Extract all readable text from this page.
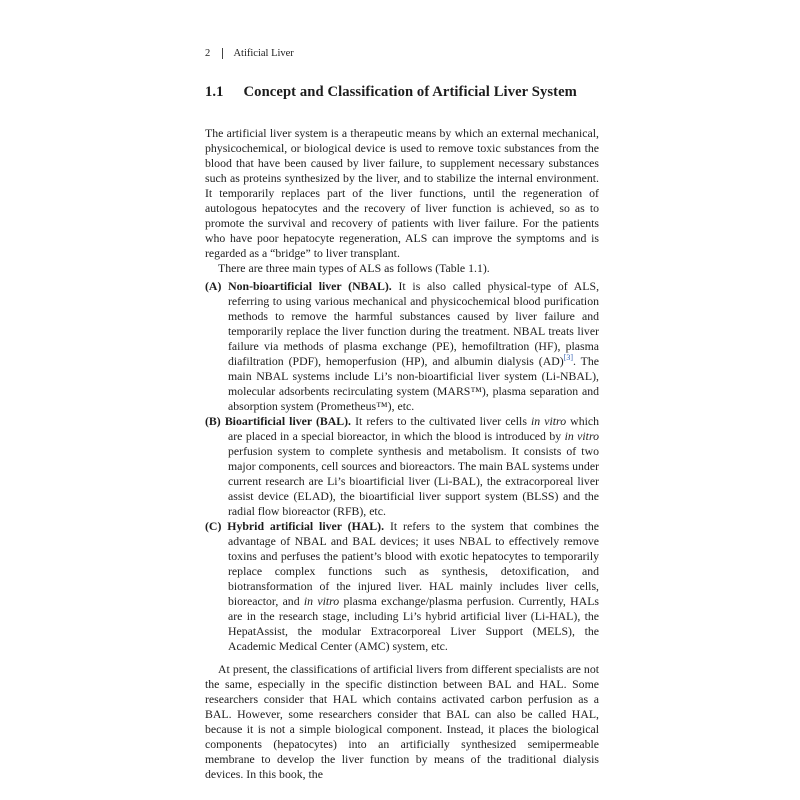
2 Atificial Liver
1.1 Concept and Classification of Artificial Liver System

The artificial liver system is a therapeutic means by which an external mechanical, physicochemical, or biological device is used to remove toxic substances from the blood that have been caused by liver failure, to supplement necessary substances such as proteins synthesized by the liver, and to stabilize the internal environment. It temporarily replaces part of the liver functions, until the regeneration of autologous hepatocytes and the recovery of liver function is achieved, so as to promote the survival and recovery of patients with liver failure. For the patients who have poor hepatocyte regeneration, ALS can improve the symptoms and is regarded as a “bridge” to liver transplant.

There are three main types of ALS as follows (Table 1.1).

(A) Non-bioartificial liver (NBAL). It is also called physical-type of ALS, referring to using various mechanical and physicochemical blood purification methods to remove the harmful substances caused by liver failure and temporarily replace the liver function during the treatment. NBAL treats liver failure via methods of plasma exchange (PE), hemofiltration (HF), plasma diafiltration (PDF), hemoperfusion (HP), and albumin dialysis (AD)[3]. The main NBAL systems include Li’s non-bioartificial liver system (Li-NBAL), molecular adsorbents recirculating system (MARS™), plasma separation and absorption system (Prometheus™), etc.

(B) Bioartificial liver (BAL). It refers to the cultivated liver cells in vitro which are placed in a special bioreactor, in which the blood is introduced by in vitro perfusion system to complete synthesis and metabolism. It consists of two major components, cell sources and bioreactors. The main BAL systems under current research are Li’s bioartificial liver (Li-BAL), the extracorporeal liver assist device (ELAD), the bioartificial liver support system (BLSS) and the radial flow bioreactor (RFB), etc.

(C) Hybrid artificial liver (HAL). It refers to the system that combines the advantage of NBAL and BAL devices; it uses NBAL to effectively remove toxins and perfuses the patient’s blood with exotic hepatocytes to temporarily replace complex functions such as synthesis, detoxification, and biotransformation of the injured liver. HAL mainly includes liver cells, bioreactor, and in vitro plasma exchange/plasma perfusion. Currently, HALs are in the research stage, including Li’s hybrid artificial liver (Li-HAL), the HepatAssist, the modular Extracorporeal Liver Support (MELS), the Academic Medical Center (AMC) system, etc.

At present, the classifications of artificial livers from different specialists are not the same, especially in the specific distinction between BAL and HAL. Some researchers consider that HAL which contains activated carbon perfusion as a BAL. However, some researchers consider that BAL can also be called HAL, because it is not a simple biological component. Instead, it places the biological components (hepatocytes) into an artificially synthesized semipermeable membrane to develop the liver function by means of the traditional dialysis devices. In this book, the
